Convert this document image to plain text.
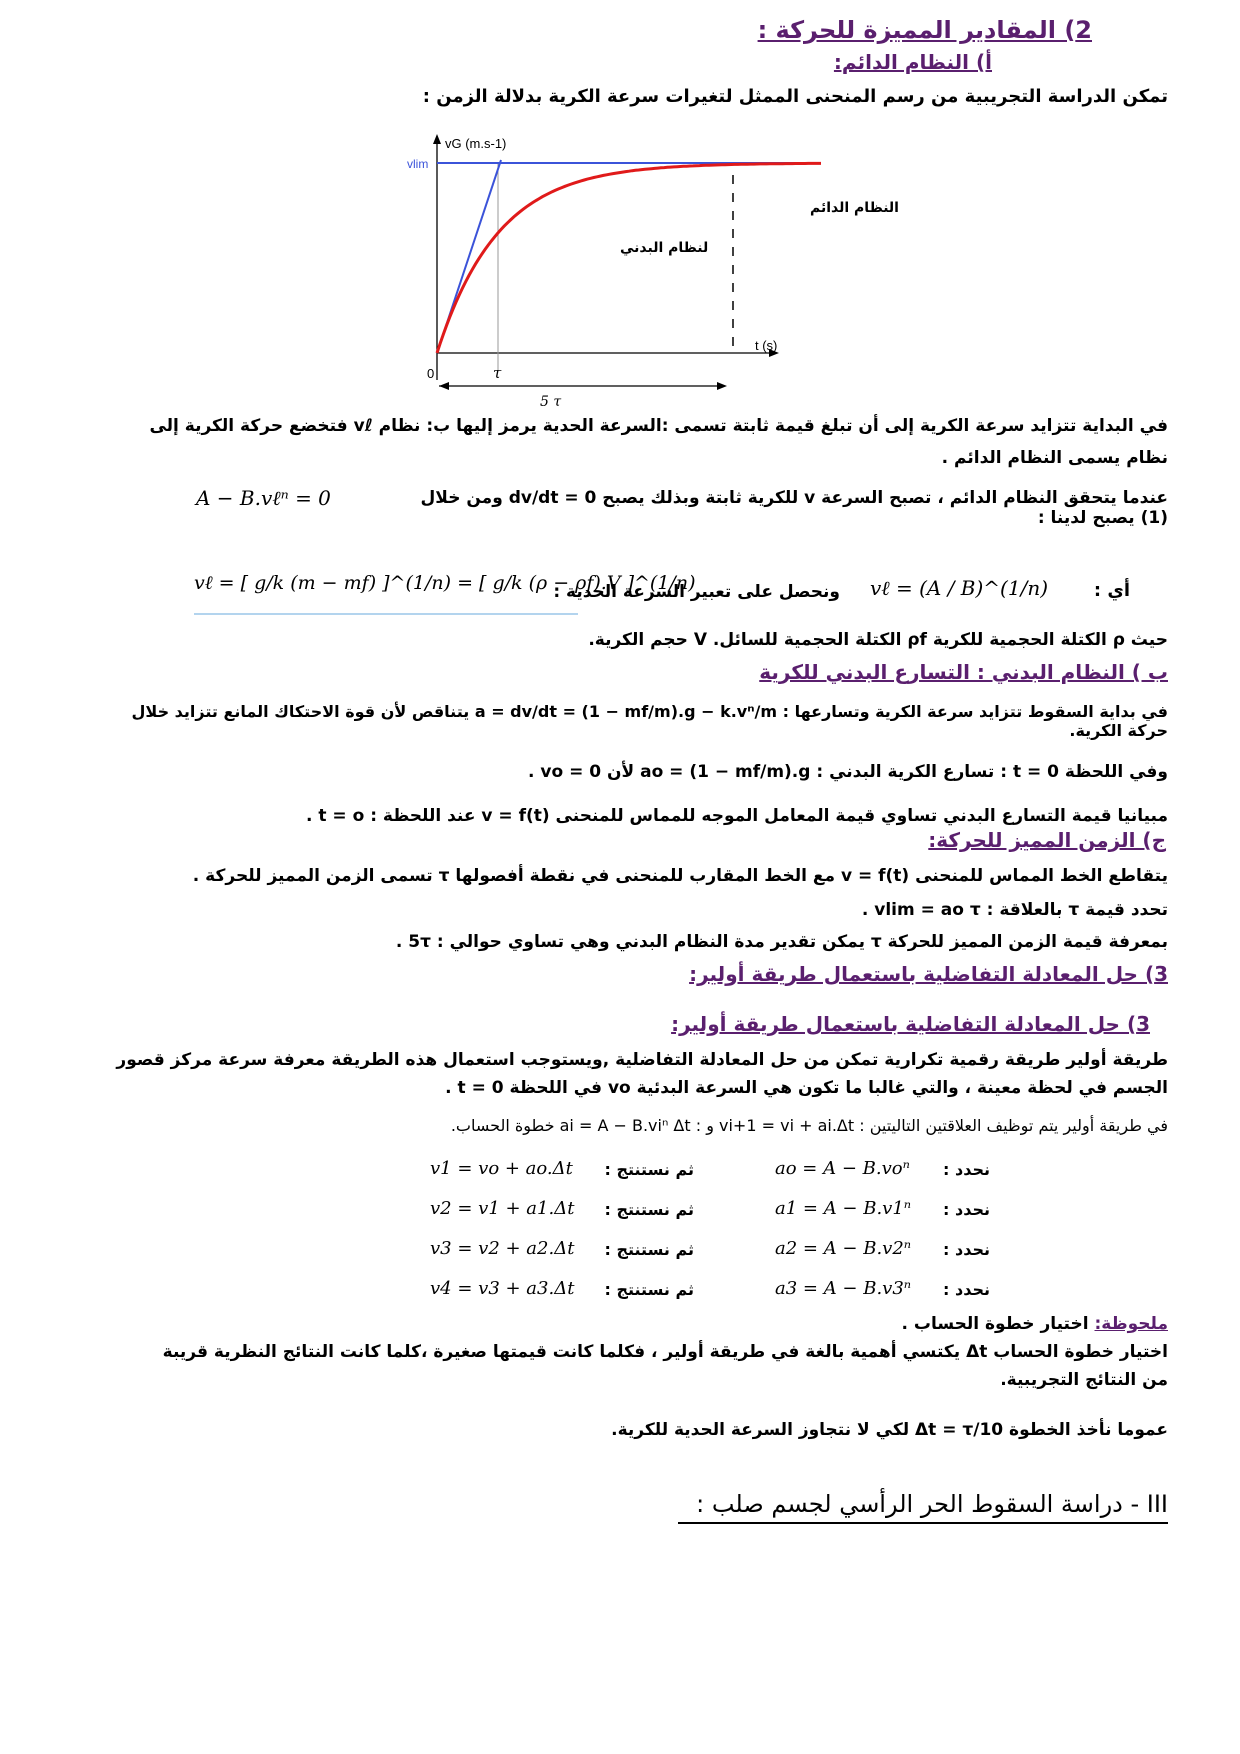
2) المقادير المميزة للحركة :
أ) النظام الدائم:
تمكن الدراسة التجريبية من رسم المنحنى الممثل لتغيرات سرعة الكرية بدلالة الزمن :
vG (m.s-1)
vlim
t (s)
0	τ
5 τ
النظام الدائم
لنظام البدني
في البداية تتزايد سرعة الكرية إلى أن تبلغ قيمة ثابتة تسمى :السرعة الحدية يرمز إليها ب: نظام vℓ فتخضع حركة الكرية إلى
نظام يسمى النظام الدائم .
عندما يتحقق النظام الدائم ، تصبح السرعة v للكرية ثابتة وبذلك يصبح dv/dt = 0 ومن خلال (1) يصبح لدينا :
A − B.vℓⁿ = 0
أي :
vℓ = (A / B)^(1/n)
ونحصل على تعبير السرعة الحدية :
vℓ = [ g/k (m − mf) ]^(1/n) = [ g/k (ρ − ρf).V ]^(1/n)
حيث ρ الكتلة الحجمية للكرية ρf الكتلة الحجمية للسائل. V حجم الكرية.
ب ) النظام البدني : التسارع البدني للكرية
في بداية السقوط تتزايد سرعة الكرية وتسارعها : a = dv/dt = (1 − mf/m).g − k.vⁿ/m يتناقص لأن قوة الاحتكاك المانع تتزايد خلال حركة الكرية.
وفي اللحظة t = 0 : تسارع الكرية البدني : ao = (1 − mf/m).g لأن vo = 0 .
مبيانيا قيمة التسارع البدني تساوي قيمة المعامل الموجه للمماس للمنحنى v = f(t) عند اللحظة : t = o .
ج) الزمن المميز للحركة:
يتقاطع الخط المماس للمنحنى v = f(t) مع الخط المقارب للمنحنى في نقطة أفصولها τ تسمى الزمن المميز للحركة .
تحدد قيمة τ بالعلاقة : vlim = ao τ .
بمعرفة قيمة الزمن المميز للحركة τ يمكن تقدير مدة النظام البدني وهي تساوي حوالي : 5τ .
3) حل المعادلة التفاضلية باستعمال طريقة أولير:
3) حل المعادلة التفاضلية باستعمال طريقة أولير:
طريقة أولير طريقة رقمية تكرارية تمكن من حل المعادلة التفاضلية ,ويستوجب استعمال هذه الطريقة معرفة سرعة مركز قصور
الجسم في لحظة معينة ، والتي غالبا ما تكون هي السرعة البدئية vo في اللحظة t = 0 .
في طريقة أولير يتم توظيف العلاقتين التاليتين : vi+1 = vi + ai.Δt و : ai = A − B.viⁿ Δt خطوة الحساب.
v1 = vo + ao.Δt	ثم نستنتج :	ao = A − B.voⁿ	نحدد :
v2 = v1 + a1.Δt	ثم نستنتج :	a1 = A − B.v1ⁿ	نحدد :
v3 = v2 + a2.Δt	ثم نستنتج :	a2 = A − B.v2ⁿ	نحدد :
v4 = v3 + a3.Δt	ثم نستنتج :	a3 = A − B.v3ⁿ	نحدد :
ملحوظة: اختيار خطوة الحساب .
اختيار خطوة الحساب Δt يكتسي أهمية بالغة في طريقة أولير ، فكلما كانت قيمتها صغيرة ،كلما كانت النتائج النظرية قريبة
من النتائج التجريبية.
عموما نأخذ الخطوة Δt = τ/10 لكي لا نتجاوز السرعة الحدية للكرية.
III - دراسة السقوط الحر الرأسي لجسم صلب :
